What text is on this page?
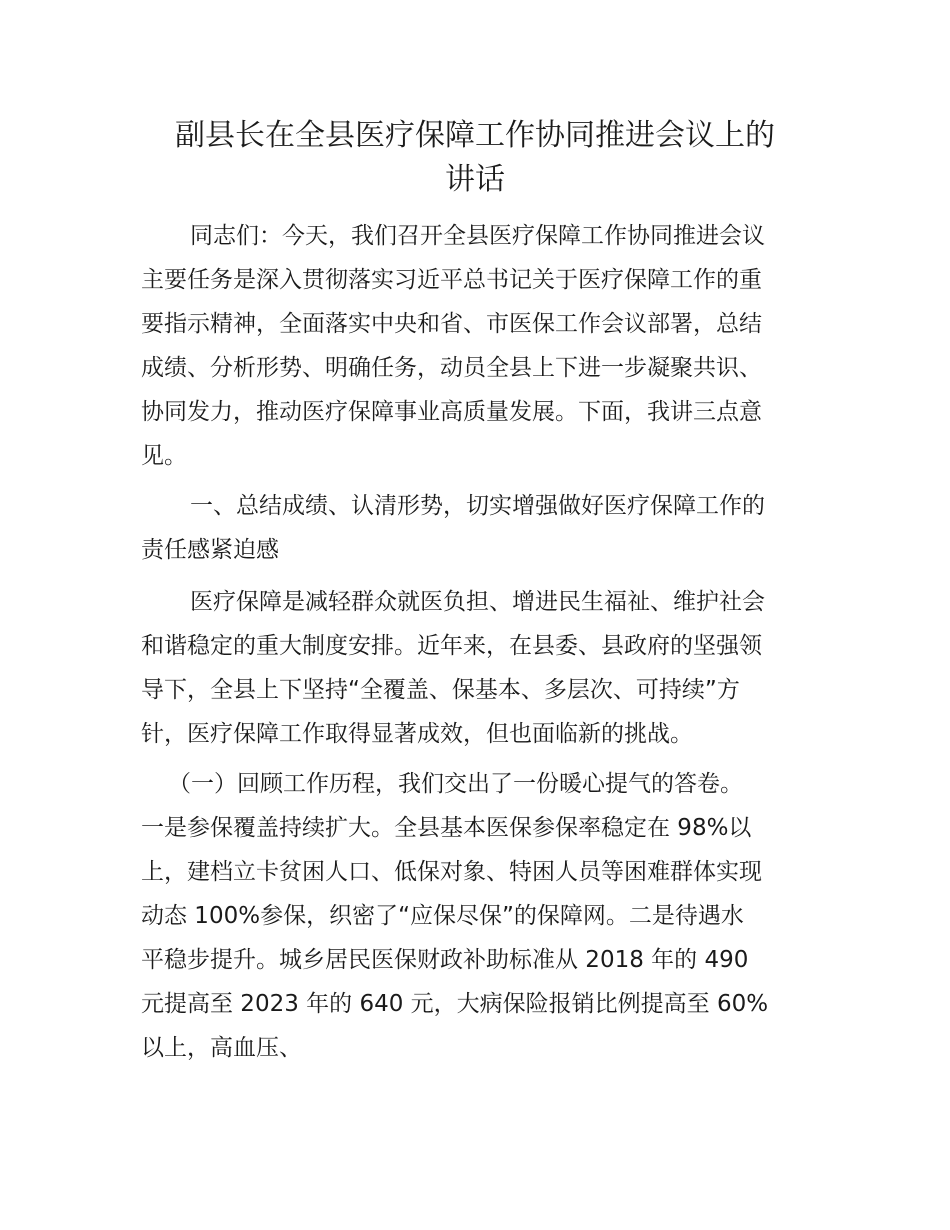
副县长在全县医疗保障工作协同推进会议上的
讲话

同志们：今天，我们召开全县医疗保障工作协同推进会议

主要任务是深入贯彻落实习近平总书记关于医疗保障工作的重

要指示精神，全面落实中央和省、市医保工作会议部署，总结

成绩、分析形势、明确任务，动员全县上下进一步凝聚共识、

协同发力，推动医疗保障事业高质量发展。下面，我讲三点意

见。

一、总结成绩、认清形势，切实增强做好医疗保障工作的

责任感紧迫感

医疗保障是减轻群众就医负担、增进民生福祉、维护社会

和谐稳定的重大制度安排。近年来，在县委、县政府的坚强领

导下，全县上下坚持“全覆盖、保基本、多层次、可持续”方

针，医疗保障工作取得显著成效，但也面临新的挑战。

（一）回顾工作历程，我们交出了一份暖心提气的答卷。

一是参保覆盖持续扩大。全县基本医保参保率稳定在 98%以

上，建档立卡贫困人口、低保对象、特困人员等困难群体实现

动态 100%参保，织密了“应保尽保”的保障网。二是待遇水

平稳步提升。城乡居民医保财政补助标准从 2018 年的 490

元提高至 2023 年的 640 元，大病保险报销比例提高至 60%

以上，高血压、
